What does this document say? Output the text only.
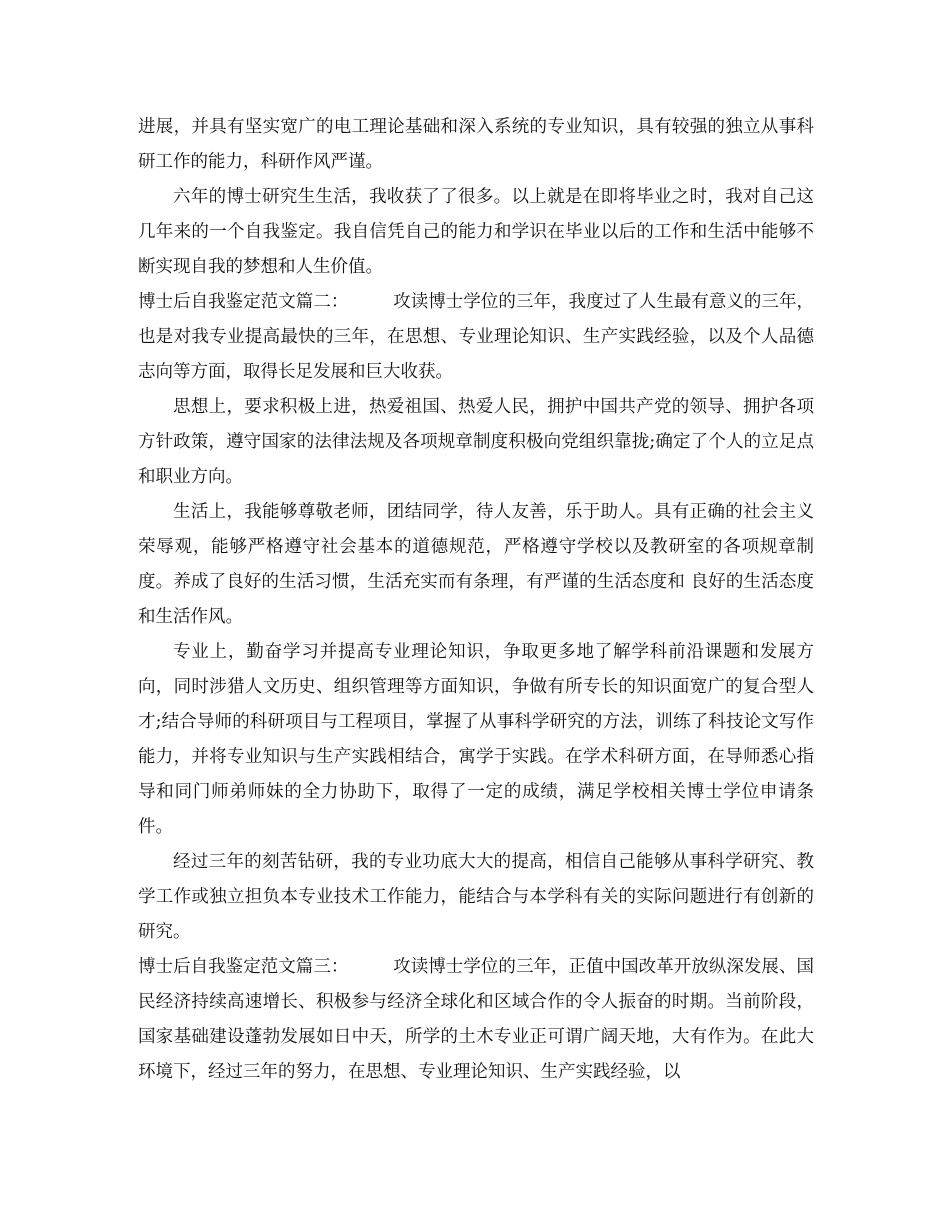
进展，并具有坚实宽广的电工理论基础和深入系统的专业知识，具有较强的独立从事科研工作的能力，科研作风严谨。

六年的博士研究生生活，我收获了了很多。以上就是在即将毕业之时，我对自己这几年来的一个自我鉴定。我自信凭自己的能力和学识在毕业以后的工作和生活中能够不断实现自我的梦想和人生价值。

博士后自我鉴定范文篇二：	攻读博士学位的三年，我度过了人生最有意义的三年，也是对我专业提高最快的三年，在思想、专业理论知识、生产实践经验，以及个人品德志向等方面，取得长足发展和巨大收获。

思想上，要求积极上进，热爱祖国、热爱人民，拥护中国共产党的领导、拥护各项方针政策，遵守国家的法律法规及各项规章制度积极向党组织靠拢;确定了个人的立足点和职业方向。

生活上，我能够尊敬老师，团结同学，待人友善，乐于助人。具有正确的社会主义荣辱观，能够严格遵守社会基本的道德规范，严格遵守学校以及教研室的各项规章制度。养成了良好的生活习惯，生活充实而有条理，有严谨的生活态度和 良好的生活态度和生活作风。

专业上，勤奋学习并提高专业理论知识，争取更多地了解学科前沿课题和发展方向，同时涉猎人文历史、组织管理等方面知识，争做有所专长的知识面宽广的复合型人才;结合导师的科研项目与工程项目，掌握了从事科学研究的方法，训练了科技论文写作能力，并将专业知识与生产实践相结合，寓学于实践。在学术科研方面，在导师悉心指导和同门师弟师妹的全力协助下，取得了一定的成绩，满足学校相关博士学位申请条件。

经过三年的刻苦钻研，我的专业功底大大的提高，相信自己能够从事科学研究、教学工作或独立担负本专业技术工作能力，能结合与本学科有关的实际问题进行有创新的研究。

博士后自我鉴定范文篇三：	攻读博士学位的三年，正值中国改革开放纵深发展、国民经济持续高速增长、积极参与经济全球化和区域合作的令人振奋的时期。当前阶段，国家基础建设蓬勃发展如日中天，所学的土木专业正可谓广阔天地，大有作为。在此大环境下，经过三年的努力，在思想、专业理论知识、生产实践经验，以
